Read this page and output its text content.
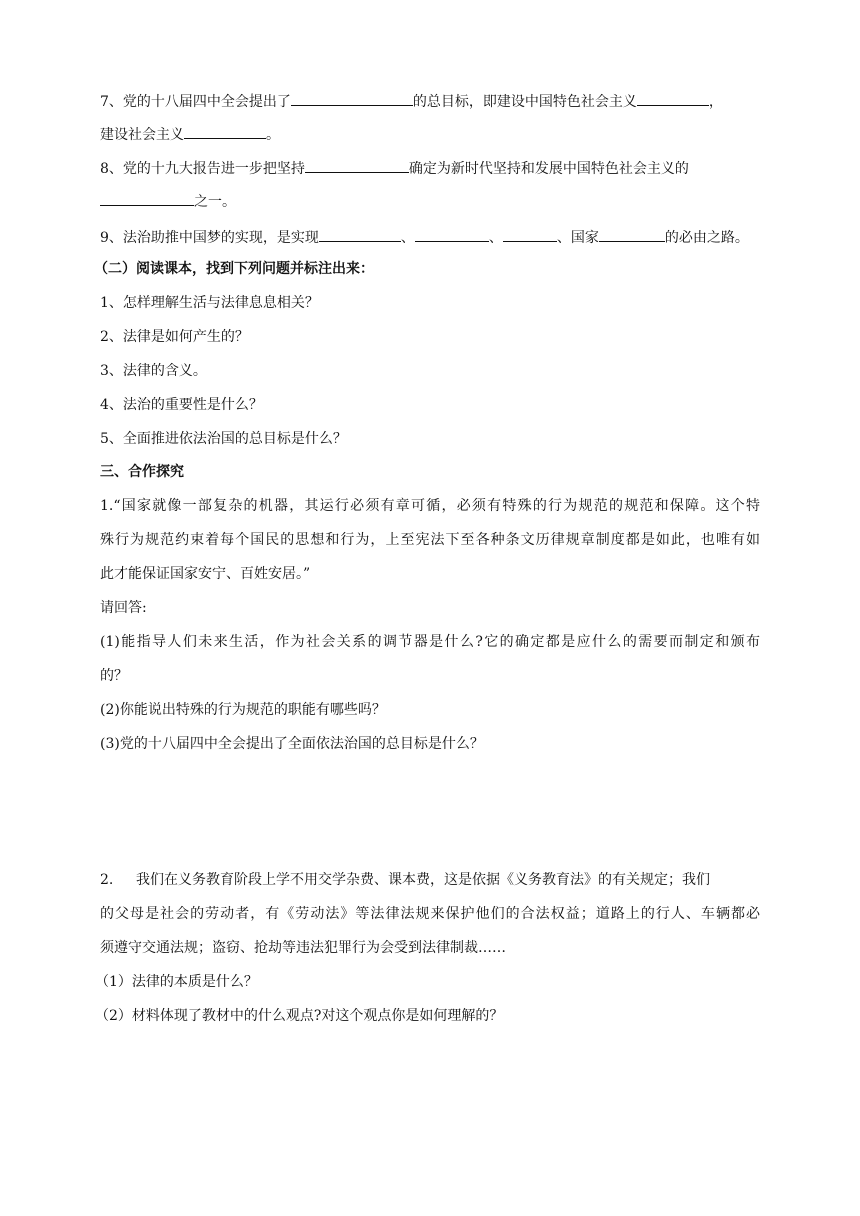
7、党的十八届四中全会提出了	的总目标，即建设中国特色社会主义	，
建设社会主义	。
8、党的十九大报告进一步把坚持	确定为新时代坚持和发展中国特色社会主义的
之一。
9、法治助推中国梦的实现，是实现	、	、	、国家	的必由之路。
（二）阅读课本，找到下列问题并标注出来：
1、怎样理解生活与法律息息相关？
2、法律是如何产生的？
3、法律的含义。
4、法治的重要性是什么？
5、全面推进依法治国的总目标是什么？
三、合作探究
1.“国家就像一部复杂的机器，其运行必须有章可循，必须有特殊的行为规范的规范和保障。这个特
殊行为规范约束着每个国民的思想和行为，上至宪法下至各种条文历律规章制度都是如此，也唯有如
此才能保证国家安宁、百姓安居。”
请回答:
(1)能指导人们未来生活，作为社会关系的调节器是什么?它的确定都是应什么的需要而制定和颁布
的？
(2)你能说出特殊的行为规范的职能有哪些吗？
(3)党的十八届四中全会提出了全面依法治国的总目标是什么？
2. 我们在义务教育阶段上学不用交学杂费、课本费，这是依据《义务教育法》的有关规定；我们
的父母是社会的劳动者，有《劳动法》等法律法规来保护他们的合法权益；道路上的行人、车辆都必
须遵守交通法规；盗窃、抢劫等违法犯罪行为会受到法律制裁……
（1）法律的本质是什么？
（2）材料体现了教材中的什么观点?对这个观点你是如何理解的？
